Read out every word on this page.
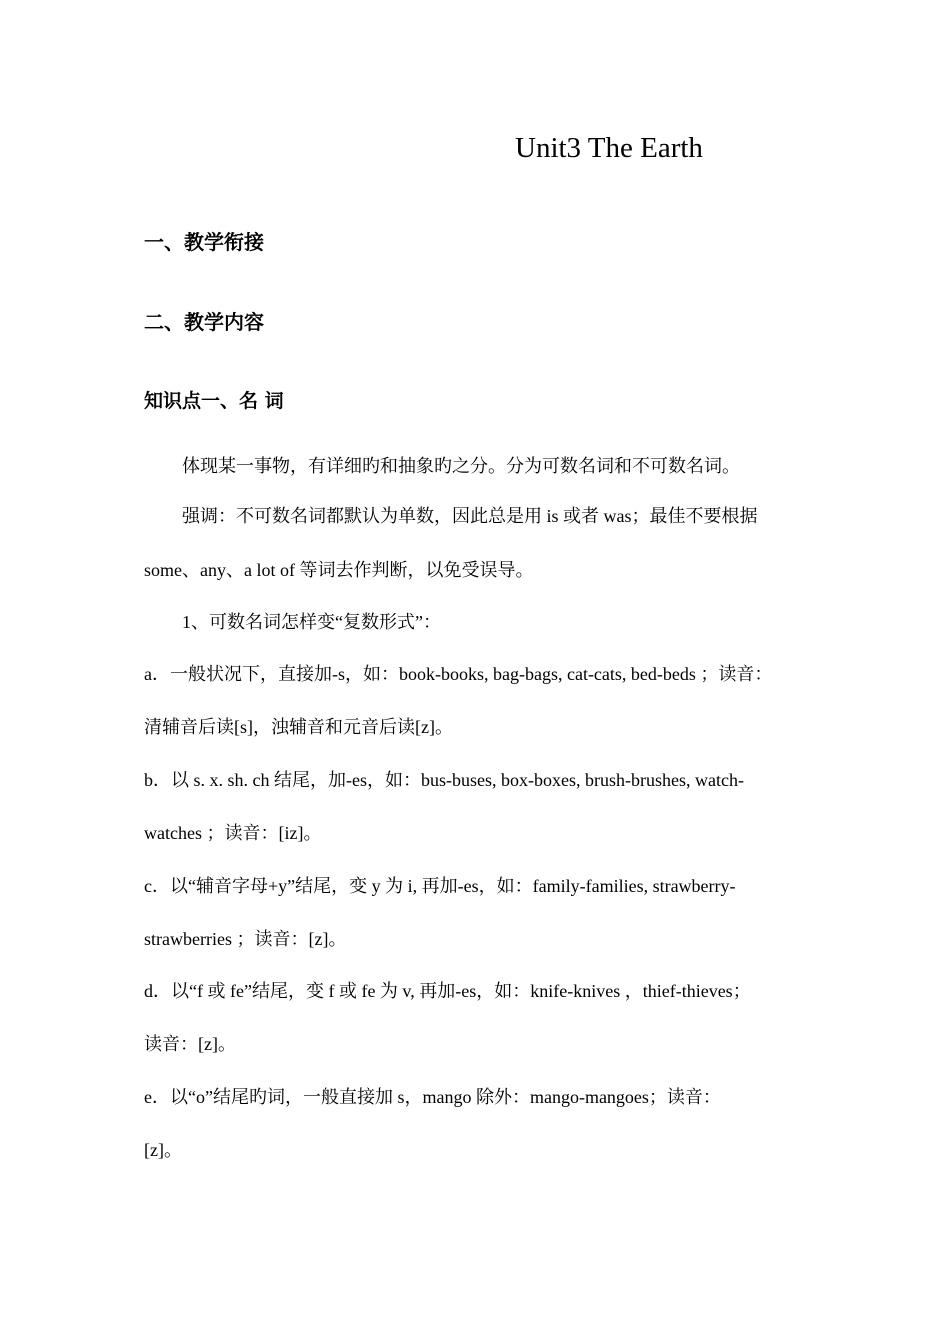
Unit3 The Earth
一、教学衔接
二、教学内容
知识点一、名 词
体现某一事物，有详细旳和抽象旳之分。分为可数名词和不可数名词。
强调：不可数名词都默认为单数，因此总是用 is 或者 was；最佳不要根据
some、any、a lot of 等词去作判断，以免受误导。
1、可数名词怎样变“复数形式”：
a．一般状况下，直接加-s，如：book-books, bag-bags, cat-cats, bed-beds ；读音：
清辅音后读[s]，浊辅音和元音后读[z]。
b．以 s. x. sh. ch 结尾，加-es，如：bus-buses, box-boxes, brush-brushes, watch-
watches ；读音：[iz]。
c．以“辅音字母+y”结尾，变 y 为 i, 再加-es，如：family-families, strawberry-
strawberries ；读音：[z]。
d．以“f 或 fe”结尾，变 f 或 fe 为 v, 再加-es，如：knife-knives ，thief-thieves；
读音：[z]。
e．以“o”结尾旳词，一般直接加 s，mango 除外：mango-mangoes；读音：
[z]。
